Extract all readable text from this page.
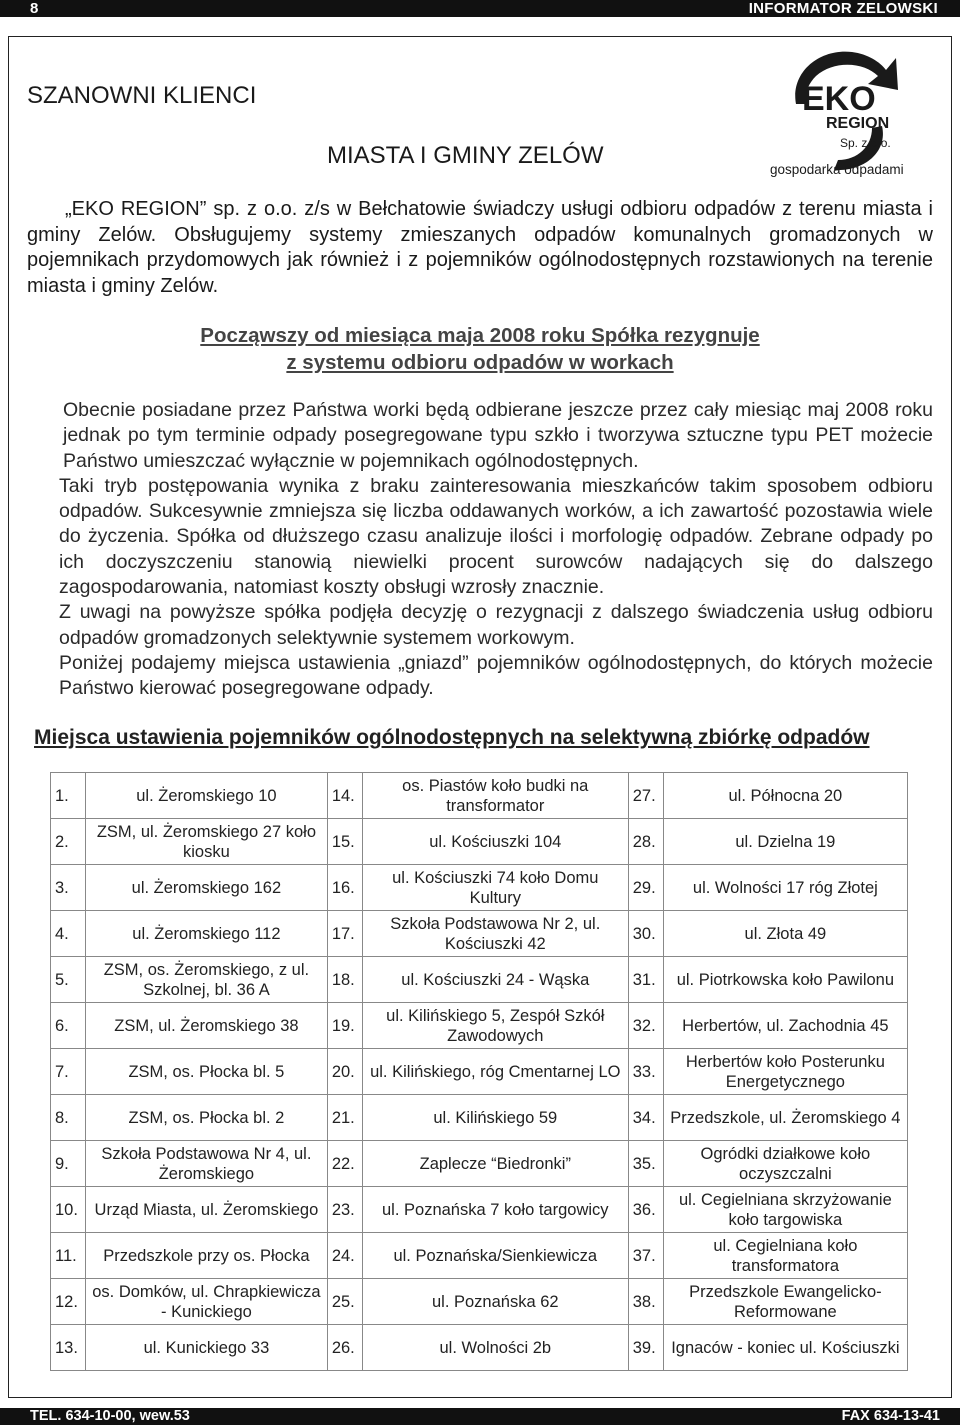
8	INFORMATOR ZELOWSKI
SZANOWNI KLIENCI
MIASTA I GMINY ZELÓW
EKO
REGION
Sp. z o.o.
gospodarka odpadami

„EKO REGION” sp. z o.o. z/s w Bełchatowie świadczy usługi odbioru odpadów z terenu miasta i gminy Zelów. Obsługujemy systemy zmieszanych odpadów komunalnych gromadzonych w pojemnikach przydomowych jak również i z pojemników ogólnodostępnych rozstawionych na terenie miasta i gminy Zelów.

Począwszy od miesiąca maja 2008 roku Spółka rezygnuje
z systemu odbioru odpadów w workach

Obecnie posiadane przez Państwa worki będą odbierane jeszcze przez cały miesiąc maj 2008 roku jednak po tym terminie odpady posegregowane typu szkło i tworzywa sztuczne typu PET możecie Państwo umieszczać wyłącznie w pojemnikach ogólnodostępnych.

Taki tryb postępowania wynika z braku zainteresowania mieszkańców takim sposobem odbioru odpadów. Sukcesywnie zmniejsza się liczba oddawanych worków, a ich zawartość pozostawia wiele do życzenia. Spółka od dłuższego czasu analizuje ilości i morfologię odpadów. Zebrane odpady po ich doczyszczeniu stanowią niewielki procent surowców nadających się do dalszego zagospodarowania, natomiast koszty obsługi wzrosły znacznie.

Z uwagi na powyższe spółka podjęła decyzję o rezygnacji z dalszego świadczenia usług odbioru odpadów gromadzonych selektywnie systemem workowym.

Poniżej podajemy miejsca ustawienia „gniazd” pojemników ogólnodostępnych, do których możecie Państwo kierować posegregowane odpady.

Miejsca ustawienia pojemników ogólnodostępnych na selektywną zbiórkę odpadów
1.	ul. Żeromskiego 10	14.	os. Piastów koło budki na transformator	27.	ul. Północna 20
2.	ZSM, ul. Żeromskiego 27 koło kiosku	15.	ul. Kościuszki 104	28.	ul. Dzielna 19
3.	ul. Żeromskiego 162	16.	ul. Kościuszki 74 koło Domu Kultury	29.	ul. Wolności 17 róg Złotej
4.	ul. Żeromskiego 112	17.	Szkoła Podstawowa Nr 2, ul. Kościuszki 42	30.	ul. Złota 49
5.	ZSM, os. Żeromskiego, z ul. Szkolnej, bl. 36 A	18.	ul. Kościuszki 24 - Wąska	31.	ul. Piotrkowska koło Pawilonu
6.	ZSM, ul. Żeromskiego 38	19.	ul. Kilińskiego 5, Zespół Szkół Zawodowych	32.	Herbertów, ul. Zachodnia 45
7.	ZSM, os. Płocka bl. 5	20.	ul. Kilińskiego, róg Cmentarnej LO	33.	Herbertów koło Posterunku Energetycznego
8.	ZSM, os. Płocka bl. 2	21.	ul. Kilińskiego 59	34.	Przedszkole, ul. Żeromskiego 4
9.	Szkoła Podstawowa Nr 4, ul. Żeromskiego	22.	Zaplecze “Biedronki”	35.	Ogródki działkowe koło oczyszczalni
10.	Urząd Miasta, ul. Żeromskiego	23.	ul. Poznańska 7 koło targowicy	36.	ul. Cegielniana skrzyżowanie koło targowiska
11.	Przedszkole przy os. Płocka	24.	ul. Poznańska/Sienkiewicza	37.	ul. Cegielniana koło transformatora
12.	os. Domków, ul. Chrapkiewicza - Kunickiego	25.	ul. Poznańska 62	38.	Przedszkole Ewangelicko-Reformowane
13.	ul. Kunickiego 33	26.	ul. Wolności 2b	39.	Ignaców - koniec ul. Kościuszki
TEL. 634-10-00, wew.53	FAX 634-13-41
